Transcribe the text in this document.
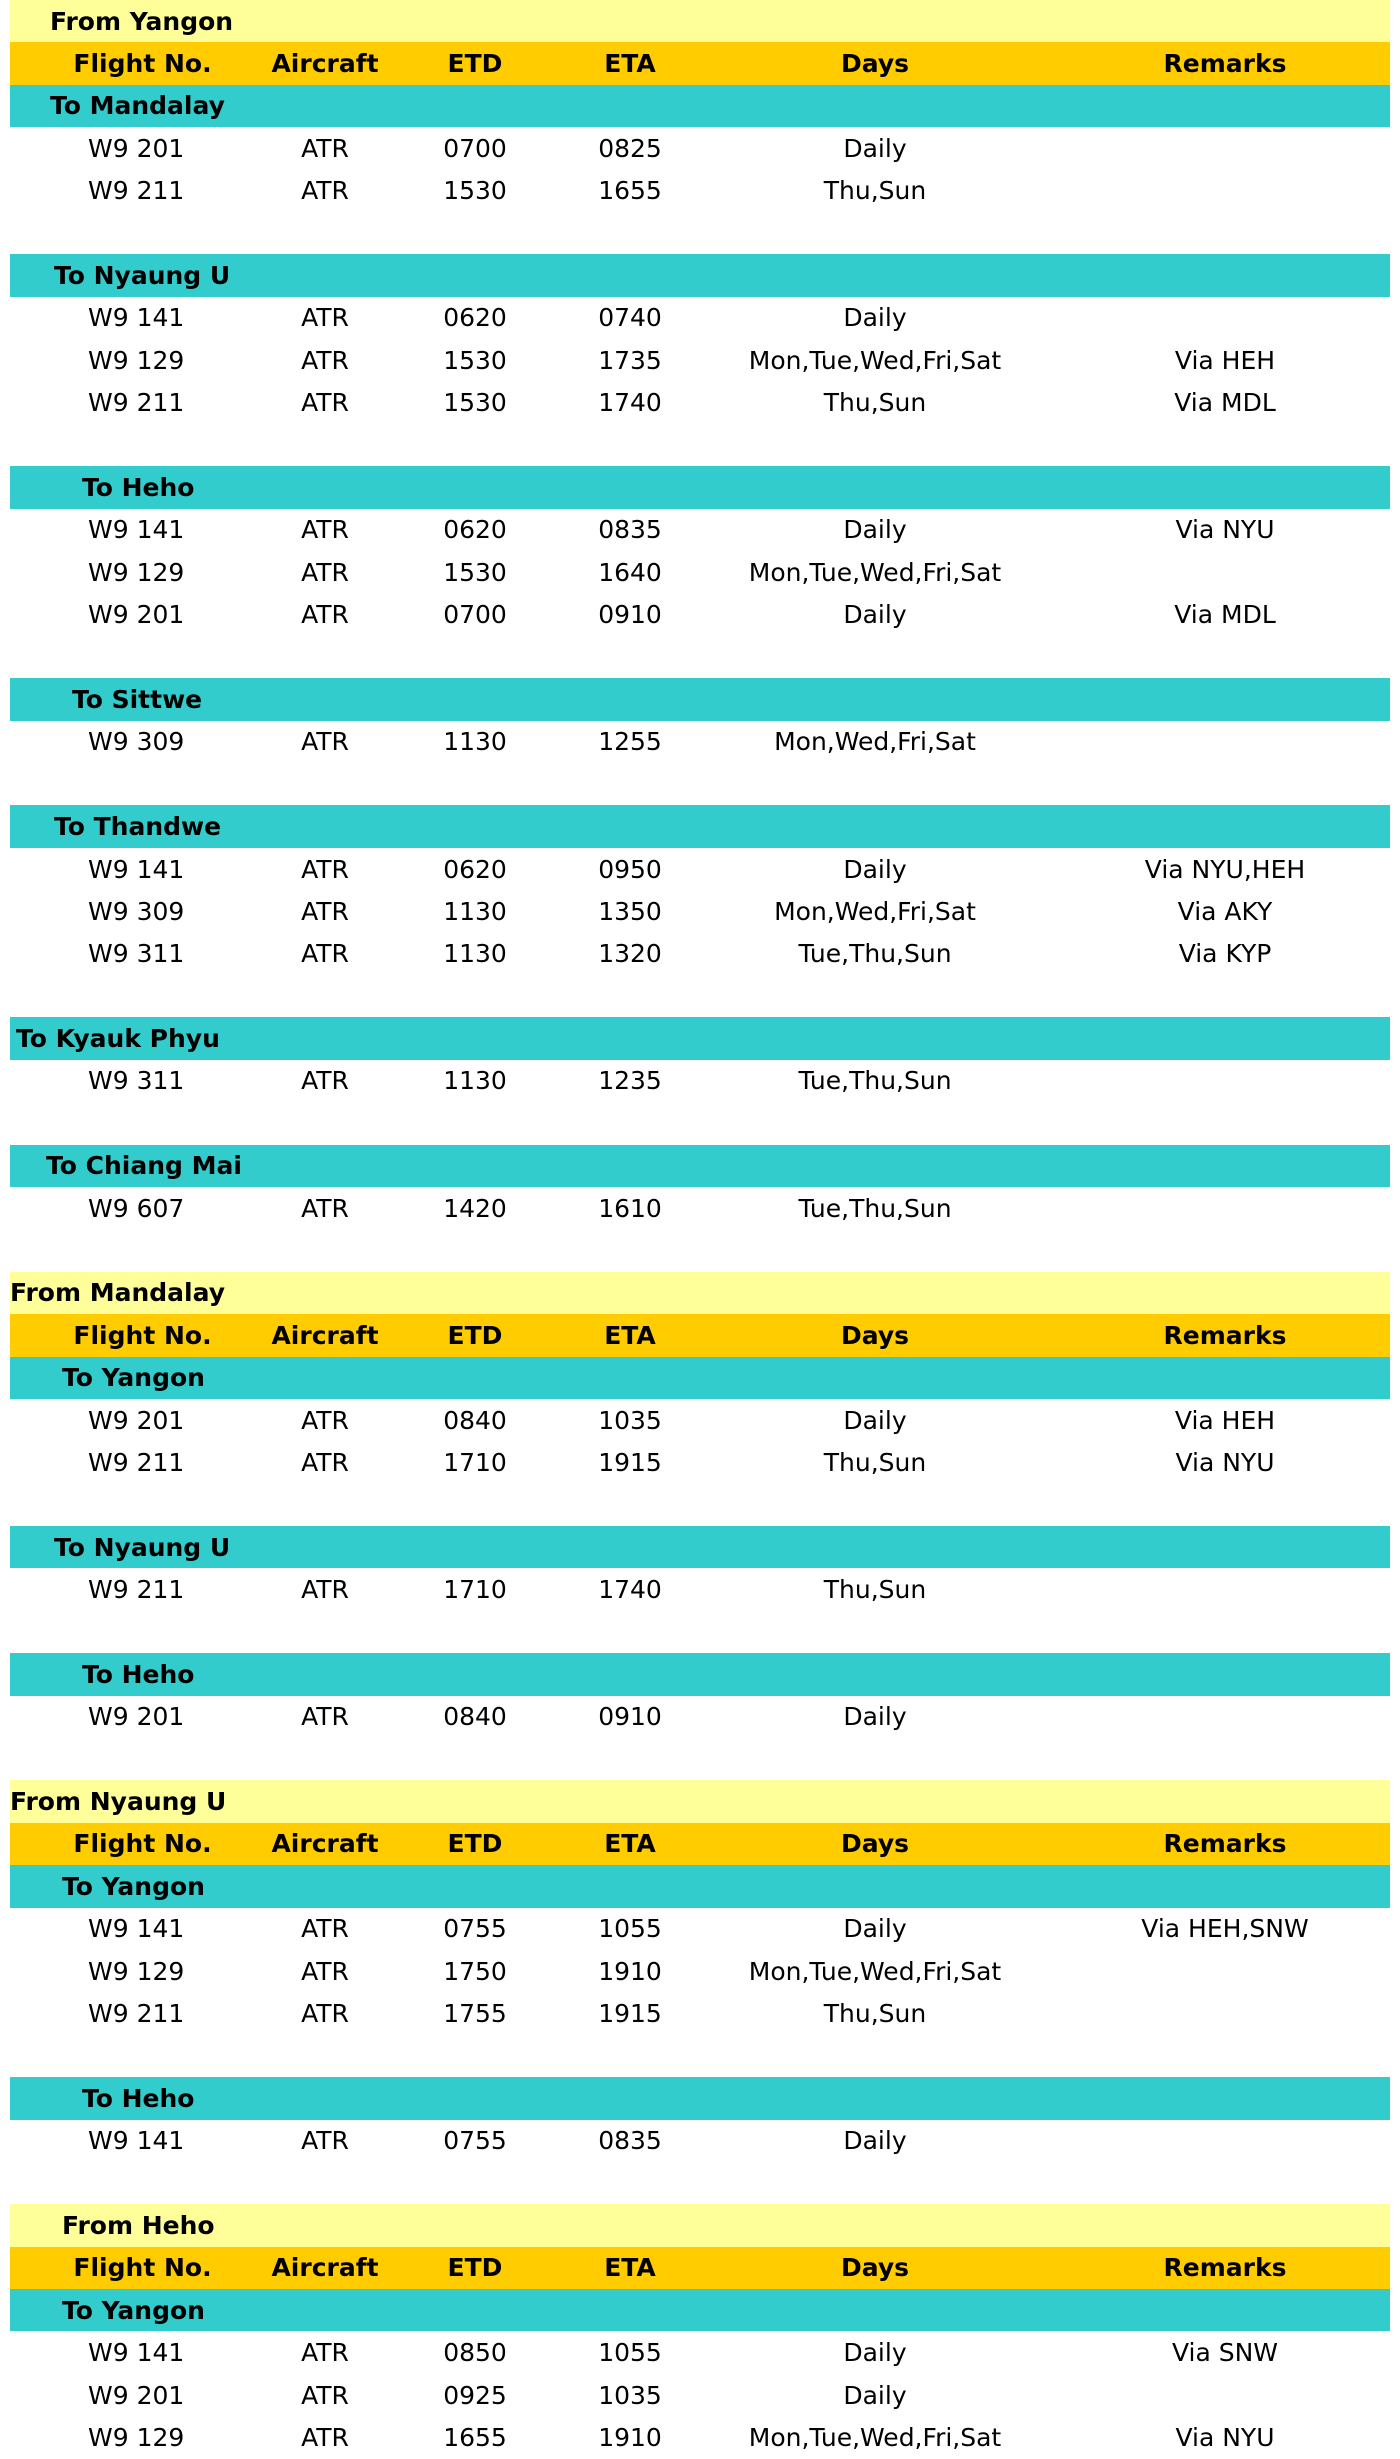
From Yangon
Flight No.	Aircraft	ETD	ETA	Days	Remarks
To Mandalay
W9 201	ATR	0700	0825	Daily
W9 211	ATR	1530	1655	Thu,Sun
To Nyaung U
W9 141	ATR	0620	0740	Daily
W9 129	ATR	1530	1735	Mon,Tue,Wed,Fri,Sat	Via HEH
W9 211	ATR	1530	1740	Thu,Sun	Via MDL
To Heho
W9 141	ATR	0620	0835	Daily	Via NYU
W9 129	ATR	1530	1640	Mon,Tue,Wed,Fri,Sat
W9 201	ATR	0700	0910	Daily	Via MDL
To Sittwe
W9 309	ATR	1130	1255	Mon,Wed,Fri,Sat
To Thandwe
W9 141	ATR	0620	0950	Daily	Via NYU,HEH
W9 309	ATR	1130	1350	Mon,Wed,Fri,Sat	Via AKY
W9 311	ATR	1130	1320	Tue,Thu,Sun	Via KYP
To Kyauk Phyu
W9 311	ATR	1130	1235	Tue,Thu,Sun
To Chiang Mai
W9 607	ATR	1420	1610	Tue,Thu,Sun
From Mandalay
Flight No.	Aircraft	ETD	ETA	Days	Remarks
To Yangon
W9 201	ATR	0840	1035	Daily	Via HEH
W9 211	ATR	1710	1915	Thu,Sun	Via NYU
To Nyaung U
W9 211	ATR	1710	1740	Thu,Sun
To Heho
W9 201	ATR	0840	0910	Daily
From Nyaung U
Flight No.	Aircraft	ETD	ETA	Days	Remarks
To Yangon
W9 141	ATR	0755	1055	Daily	Via HEH,SNW
W9 129	ATR	1750	1910	Mon,Tue,Wed,Fri,Sat
W9 211	ATR	1755	1915	Thu,Sun
To Heho
W9 141	ATR	0755	0835	Daily
From Heho
Flight No.	Aircraft	ETD	ETA	Days	Remarks
To Yangon
W9 141	ATR	0850	1055	Daily	Via SNW
W9 201	ATR	0925	1035	Daily
W9 129	ATR	1655	1910	Mon,Tue,Wed,Fri,Sat	Via NYU
